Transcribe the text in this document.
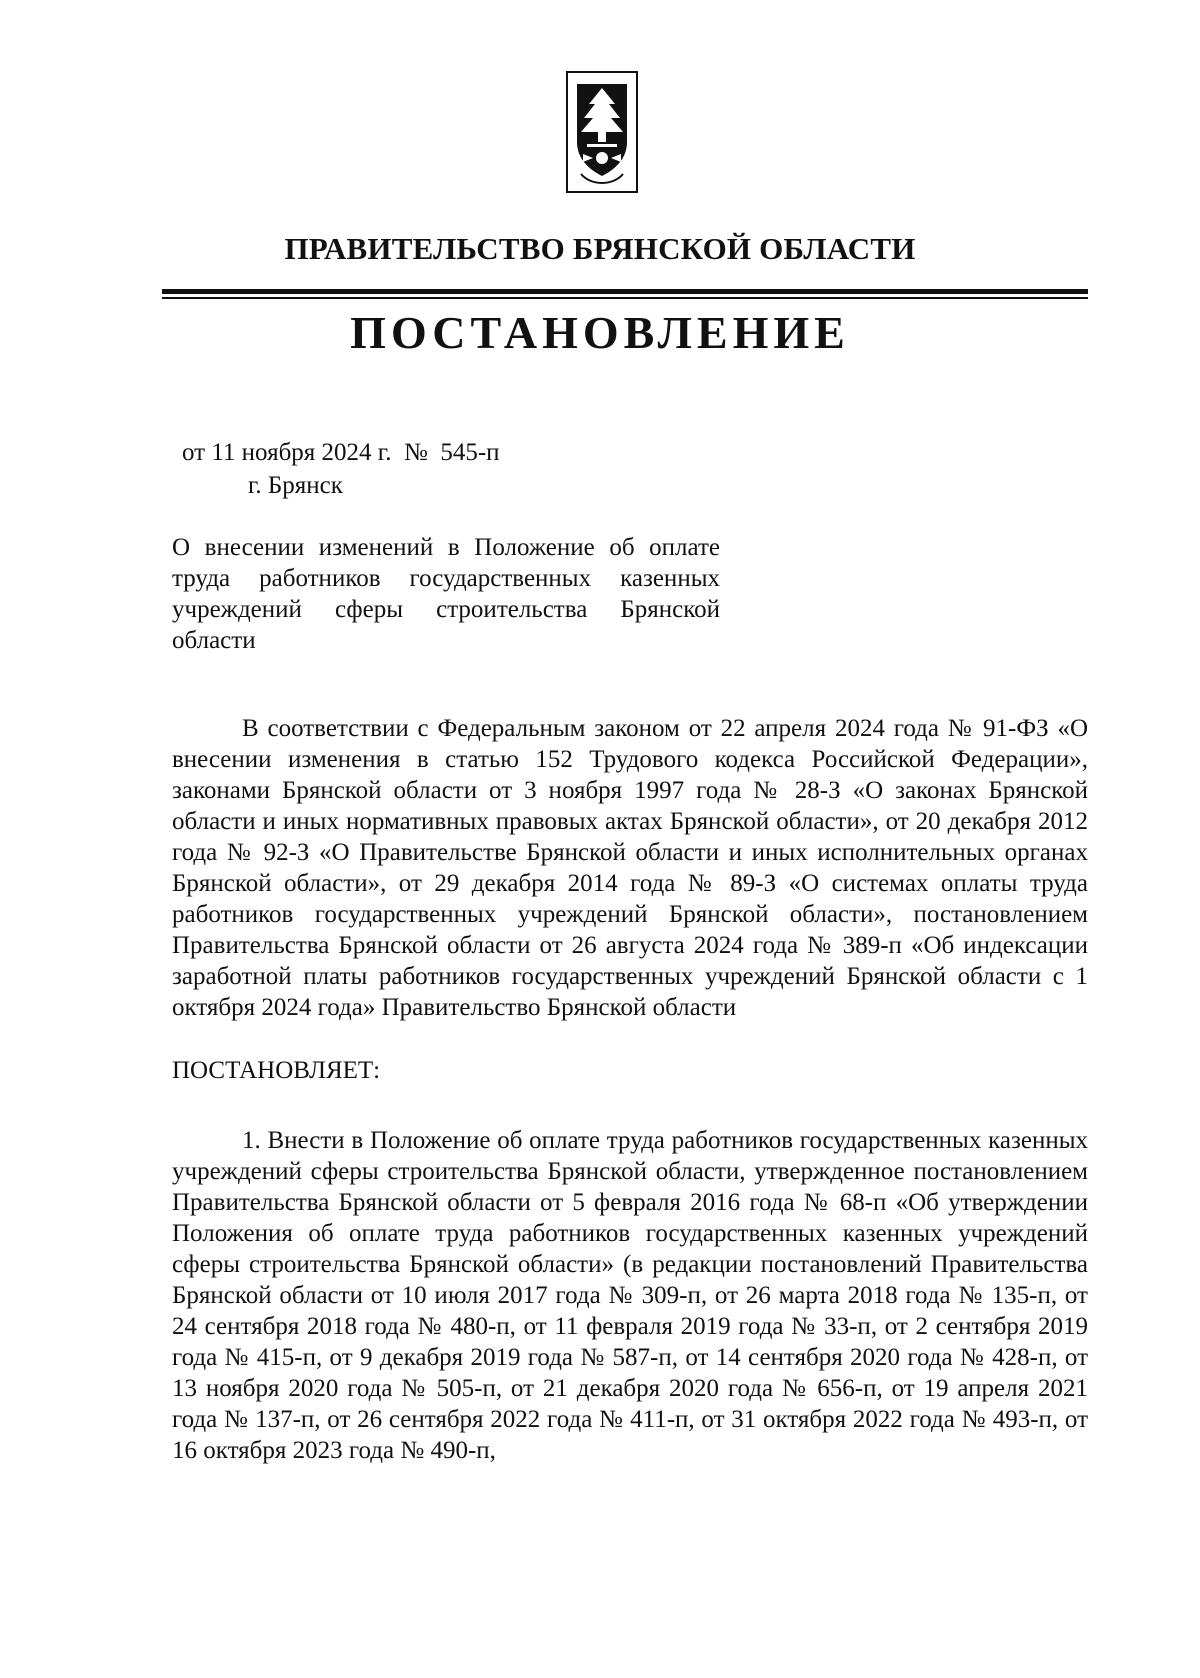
ПРАВИТЕЛЬСТВО БРЯНСКОЙ ОБЛАСТИ
ПОСТАНОВЛЕНИЕ
от 11 ноября 2024 г.  №  545-п
г. Брянск
О внесении изменений в Положение об оплате труда работников государственных казенных учреждений сферы строительства Брянской области

В соответствии с Федеральным законом от 22 апреля 2024 года № 91-ФЗ «О внесении изменения в статью 152 Трудового кодекса Российской Федерации», законами Брянской области от 3 ноября 1997 года № 28-З «О законах Брянской области и иных нормативных правовых актах Брянской области», от 20 декабря 2012 года № 92-З «О Правительстве Брянской области и иных исполнительных органах Брянской области», от 29 декабря 2014 года № 89-З «О системах оплаты труда работников государственных учреждений Брянской области», постановлением Правительства Брянской области от 26 августа 2024 года № 389-п «Об индексации заработной платы работников государственных учреждений Брянской области с 1 октября 2024 года» Правительство Брянской области

ПОСТАНОВЛЯЕТ:

1. Внести в Положение об оплате труда работников государственных казенных учреждений сферы строительства Брянской области, утвержденное постановлением Правительства Брянской области от 5 февраля 2016 года № 68-п «Об утверждении Положения об оплате труда работников государственных казенных учреждений сферы строительства Брянской области» (в редакции постановлений Правительства Брянской области от 10 июля 2017 года № 309-п, от 26 марта 2018 года № 135-п, от 24 сентября 2018 года № 480-п, от 11 февраля 2019 года № 33-п, от 2 сентября 2019 года № 415-п, от 9 декабря 2019 года № 587-п, от 14 сентября 2020 года № 428-п, от 13 ноября 2020 года № 505-п, от 21 декабря 2020 года № 656-п, от 19 апреля 2021 года № 137-п, от 26 сентября 2022 года № 411-п, от 31 октября 2022 года № 493-п, от 16 октября 2023 года № 490-п,
